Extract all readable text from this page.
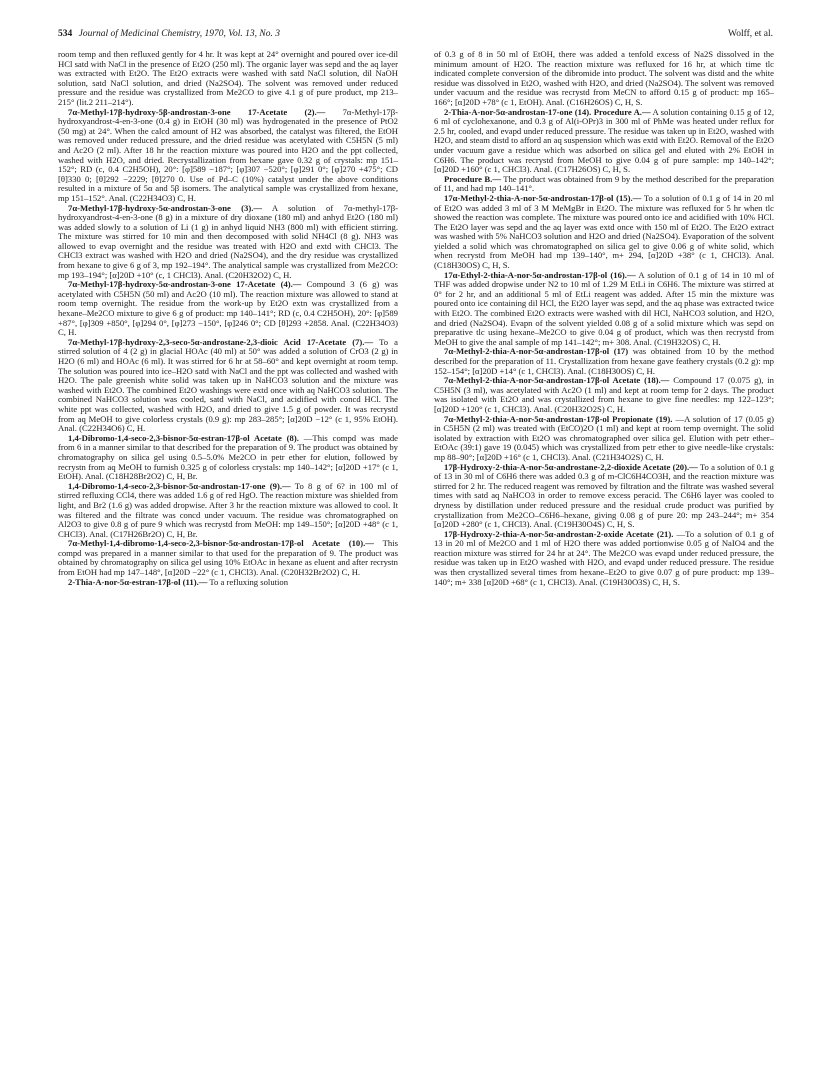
534 Journal of Medicinal Chemistry, 1970, Vol. 13, No. 3	Wolff, et al.

room temp and then refluxed gently for 4 hr. It was kept at 24° overnight and poured over ice-dil HCl satd with NaCl in the presence of Et2O (250 ml). The organic layer was sepd and the aq layer was extracted with Et2O. The Et2O extracts were washed with satd NaCl solution, dil NaOH solution, satd NaCl solution, and dried (Na2SO4). The solvent was removed under reduced pressure and the residue was crystallized from Me2CO to give 4.1 g of pure product, mp 213–215° (lit.2 211–214°).

7α-Methyl-17β-hydroxy-5β-androstan-3-one 17-Acetate (2).— 7α-Methyl-17β-hydroxyandrost-4-en-3-one (0.4 g) in EtOH (30 ml) was hydrogenated in the presence of PtO2 (50 mg) at 24°. When the calcd amount of H2 was absorbed, the catalyst was filtered, the EtOH was removed under reduced pressure, and the dried residue was acetylated with C5H5N (5 ml) and Ac2O (2 ml). After 18 hr the reaction mixture was poured into H2O and the ppt collected, washed with H2O, and dried. Recrystallization from hexane gave 0.32 g of crystals: mp 151–152°; RD (c, 0.4 C2H5OH), 20°: [φ]589 −187°; [φ]307 −520°; [φ]291 0°; [φ]270 +475°; CD [θ]330 0; [θ]292 −2229; [θ]270 0. Use of Pd–C (10%) catalyst under the above conditions resulted in a mixture of 5α and 5β isomers. The analytical sample was crystallized from hexane, mp 151–152°. Anal. (C22H34O3) C, H.

7α-Methyl-17β-hydroxy-5α-androstan-3-one (3).— A solution of 7α-methyl-17β-hydroxyandrost-4-en-3-one (8 g) in a mixture of dry dioxane (180 ml) and anhyd Et2O (180 ml) was added slowly to a solution of Li (1 g) in anhyd liquid NH3 (800 ml) with efficient stirring. The mixture was stirred for 10 min and then decomposed with solid NH4Cl (8 g). NH3 was allowed to evap overnight and the residue was treated with H2O and extd with CHCl3. The CHCl3 extract was washed with H2O and dried (Na2SO4), and the dry residue was crystallized from hexane to give 6 g of 3, mp 192–194°. The analytical sample was crystallized from Me2CO: mp 193–194°; [α]20D +10° (c, 1 CHCl3). Anal. (C20H32O2) C, H.

7α-Methyl-17β-hydroxy-5α-androstan-3-one 17-Acetate (4).— Compound 3 (6 g) was acetylated with C5H5N (50 ml) and Ac2O (10 ml). The reaction mixture was allowed to stand at room temp overnight. The residue from the work-up by Et2O extn was crystallized from a hexane–Me2CO mixture to give 6 g of product: mp 140–141°; RD (c, 0.4 C2H5OH), 20°: [φ]589 +87°, [φ]309 +850°, [φ]294 0°, [φ]273 −150°, [φ]246 0°; CD [θ]293 +2858. Anal. (C22H34O3) C, H.

7α-Methyl-17β-hydroxy-2,3-seco-5α-androstane-2,3-dioic Acid 17-Acetate (7).— To a stirred solution of 4 (2 g) in glacial HOAc (40 ml) at 50° was added a solution of CrO3 (2 g) in H2O (6 ml) and HOAc (6 ml). It was stirred for 6 hr at 58–60° and kept overnight at room temp. The solution was poured into ice–H2O satd with NaCl and the ppt was collected and washed with H2O. The pale greenish white solid was taken up in NaHCO3 solution and the mixture was washed with Et2O. The combined Et2O washings were extd once with aq NaHCO3 solution. The combined NaHCO3 solution was cooled, satd with NaCl, and acidified with concd HCl. The white ppt was collected, washed with H2O, and dried to give 1.5 g of powder. It was recrystd from aq MeOH to give colorless crystals (0.9 g): mp 283–285°; [α]20D −12° (c 1, 95% EtOH). Anal. (C22H34O6) C, H.

1,4-Dibromo-1,4-seco-2,3-bisnor-5α-estran-17β-ol Acetate (8). —This compd was made from 6 in a manner similar to that described for the preparation of 9. The product was obtained by chromatography on silica gel using 0.5–5.0% Me2CO in petr ether for elution, followed by recrystn from aq MeOH to furnish 0.325 g of colorless crystals: mp 140–142°; [α]20D +17° (c 1, EtOH). Anal. (C18H28Br2O2) C, H, Br.

1,4-Dibromo-1,4-seco-2,3-bisnor-5α-androstan-17-one (9).— To 8 g of 6? in 100 ml of stirred refluxing CCl4, there was added 1.6 g of red HgO. The reaction mixture was shielded from light, and Br2 (1.6 g) was added dropwise. After 3 hr the reaction mixture was allowed to cool. It was filtered and the filtrate was concd under vacuum. The residue was chromatographed on Al2O3 to give 0.8 g of pure 9 which was recrystd from MeOH: mp 149–150°; [α]20D +48° (c 1, CHCl3). Anal. (C17H26Br2O) C, H, Br.

7α-Methyl-1,4-dibromo-1,4-seco-2,3-bisnor-5α-androstan-17β-ol Acetate (10).— This compd was prepared in a manner similar to that used for the preparation of 9. The product was obtained by chromatography on silica gel using 10% EtOAc in hexane as eluent and after recrystn from EtOH had mp 147–148°, [α]20D −22° (c 1, CHCl3). Anal. (C20H32Br2O2) C, H.

2-Thia-A-nor-5α-estran-17β-ol (11).— To a refluxing solution

of 0.3 g of 8 in 50 ml of EtOH, there was added a tenfold excess of Na2S dissolved in the minimum amount of H2O. The reaction mixture was refluxed for 16 hr, at which time tlc indicated complete conversion of the dibromide into product. The solvent was distd and the white residue was dissolved in Et2O, washed with H2O, and dried (Na2SO4). The solvent was removed under vacuum and the residue was recrystd from MeCN to afford 0.15 g of product: mp 165–166°; [α]20D +78° (c 1, EtOH). Anal. (C16H26OS) C, H, S.

2-Thia-A-nor-5α-androstan-17-one (14). Procedure A.— A solution containing 0.15 g of 12, 6 ml of cyclohexanone, and 0.3 g of Al(i-OPr)3 in 300 ml of PhMe was heated under reflux for 2.5 hr, cooled, and evapd under reduced pressure. The residue was taken up in Et2O, washed with H2O, and steam distd to afford an aq suspension which was extd with Et2O. Removal of the Et2O under vacuum gave a residue which was adsorbed on silica gel and eluted with 2% EtOH in C6H6. The product was recrystd from MeOH to give 0.04 g of pure sample: mp 140–142°; [α]20D +160° (c 1, CHCl3). Anal. (C17H26OS) C, H, S.

Procedure B.— The product was obtained from 9 by the method described for the preparation of 11, and had mp 140–141°.

17α-Methyl-2-thia-A-nor-5α-androstan-17β-ol (15).— To a solution of 0.1 g of 14 in 20 ml of Et2O was added 3 ml of 3 M MeMgBr in Et2O. The mixture was refluxed for 5 hr when tlc showed the reaction was complete. The mixture was poured onto ice and acidified with 10% HCl. The Et2O layer was sepd and the aq layer was extd once with 150 ml of Et2O. The Et2O extract was washed with 5% NaHCO3 solution and H2O and dried (Na2SO4). Evaporation of the solvent yielded a solid which was chromatographed on silica gel to give 0.06 g of white solid, which when recrystd from MeOH had mp 139–140°, m+ 294, [α]20D +38° (c 1, CHCl3). Anal. (C18H30OS) C, H, S.

17α-Ethyl-2-thia-A-nor-5α-androstan-17β-ol (16).— A solution of 0.1 g of 14 in 10 ml of THF was added dropwise under N2 to 10 ml of 1.29 M EtLi in C6H6. The mixture was stirred at 0° for 2 hr, and an additional 5 ml of EtLi reagent was added. After 15 min the mixture was poured onto ice containing dil HCl, the Et2O layer was sepd, and the aq phase was extracted twice with Et2O. The combined Et2O extracts were washed with dil HCl, NaHCO3 solution, and H2O, and dried (Na2SO4). Evapn of the solvent yielded 0.08 g of a solid mixture which was sepd on preparative tlc using hexane–Me2CO to give 0.04 g of product, which was then recrystd from MeOH to give the anal sample of mp 141–142°; m+ 308. Anal. (C19H32OS) C, H.

7α-Methyl-2-thia-A-nor-5α-androstan-17β-ol (17) was obtained from 10 by the method described for the preparation of 11. Crystallization from hexane gave feathery crystals (0.2 g): mp 152–154°; [α]20D +14° (c 1, CHCl3). Anal. (C18H30OS) C, H.

7α-Methyl-2-thia-A-nor-5α-androstan-17β-ol Acetate (18).— Compound 17 (0.075 g), in C5H5N (3 ml), was acetylated with Ac2O (1 ml) and kept at room temp for 2 days. The product was isolated with Et2O and was crystallized from hexane to give fine needles: mp 122–123°; [α]20D +120° (c 1, CHCl3). Anal. (C20H32O2S) C, H.

7α-Methyl-2-thia-A-nor-5α-androstan-17β-ol Propionate (19). —A solution of 17 (0.05 g) in C5H5N (2 ml) was treated with (EtCO)2O (1 ml) and kept at room temp overnight. The solid isolated by extraction with Et2O was chromatographed over silica gel. Elution with petr ether–EtOAc (39:1) gave 19 (0.045) which was crystallized from petr ether to give needle-like crystals: mp 88–90°; [α]20D +16° (c 1, CHCl3). Anal. (C21H34O2S) C, H.

17β-Hydroxy-2-thia-A-nor-5α-androstane-2,2-dioxide Acetate (20).— To a solution of 0.1 g of 13 in 30 ml of C6H6 there was added 0.3 g of m-ClC6H4CO3H, and the reaction mixture was stirred for 2 hr. The reduced reagent was removed by filtration and the filtrate was washed several times with satd aq NaHCO3 in order to remove excess peracid. The C6H6 layer was cooled to dryness by distillation under reduced pressure and the residual crude product was purified by crystallization from Me2CO–C6H6–hexane, giving 0.08 g of pure 20: mp 243–244°; m+ 354 [α]20D +280° (c 1, CHCl3). Anal. (C19H30O4S) C, H, S.

17β-Hydroxy-2-thia-A-nor-5α-androstan-2-oxide Acetate (21). —To a solution of 0.1 g of 13 in 20 ml of Me2CO and 1 ml of H2O there was added portionwise 0.05 g of NaIO4 and the reaction mixture was stirred for 24 hr at 24°. The Me2CO was evapd under reduced pressure, the residue was taken up in Et2O washed with H2O, and evapd under reduced pressure. The residue was then crystallized several times from hexane–Et2O to give 0.07 g of pure product: mp 139–140°; m+ 338 [α]20D +68° (c 1, CHCl3). Anal. (C19H30O3S) C, H, S.
